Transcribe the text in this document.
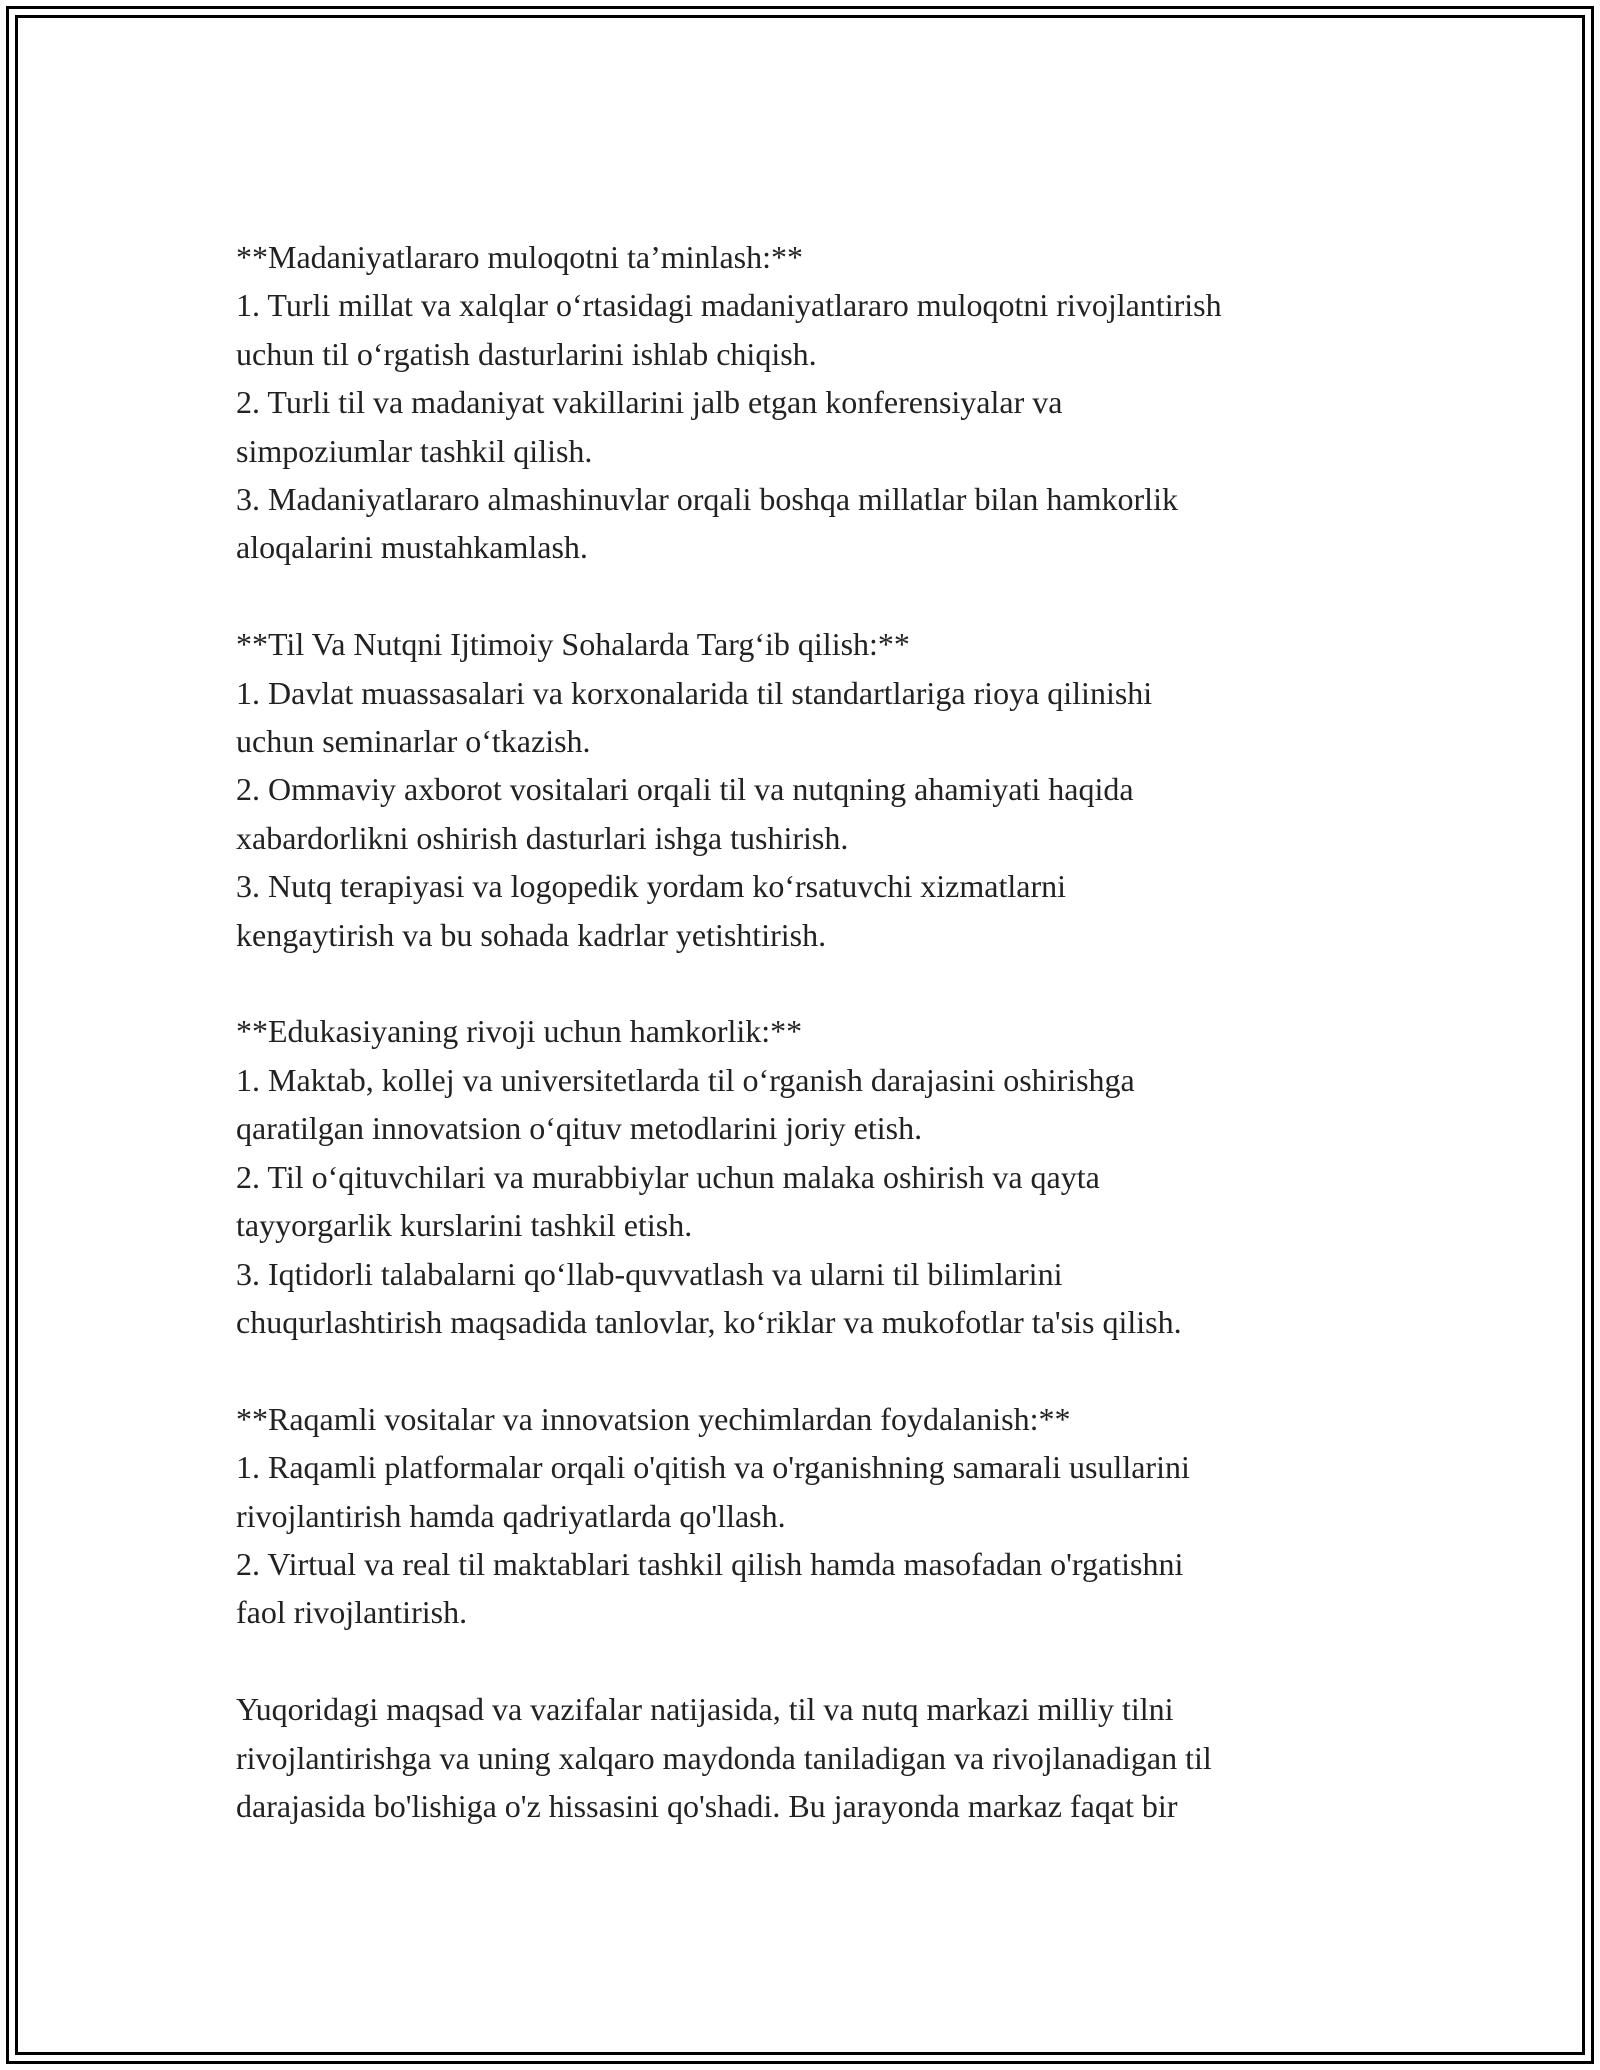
**Madaniyatlararo muloqotni ta’minlash:**
1. Turli millat va xalqlar o‘rtasidagi madaniyatlararo muloqotni rivojlantirish
uchun til o‘rgatish dasturlarini ishlab chiqish.
2. Turli til va madaniyat vakillarini jalb etgan konferensiyalar va
simpoziumlar tashkil qilish.
3. Madaniyatlararo almashinuvlar orqali boshqa millatlar bilan hamkorlik
aloqalarini mustahkamlash.
**Til Va Nutqni Ijtimoiy Sohalarda Targ‘ib qilish:**
1. Davlat muassasalari va korxonalarida til standartlariga rioya qilinishi
uchun seminarlar o‘tkazish.
2. Ommaviy axborot vositalari orqali til va nutqning ahamiyati haqida
xabardorlikni oshirish dasturlari ishga tushirish.
3. Nutq terapiyasi va logopedik yordam ko‘rsatuvchi xizmatlarni
kengaytirish va bu sohada kadrlar yetishtirish.
**Edukasiyaning rivoji uchun hamkorlik:**
1. Maktab, kollej va universitetlarda til o‘rganish darajasini oshirishga
qaratilgan innovatsion o‘qituv metodlarini joriy etish.
2. Til o‘qituvchilari va murabbiylar uchun malaka oshirish va qayta
tayyorgarlik kurslarini tashkil etish.
3. Iqtidorli talabalarni qo‘llab-quvvatlash va ularni til bilimlarini
chuqurlashtirish maqsadida tanlovlar, ko‘riklar va mukofotlar ta'sis qilish.
**Raqamli vositalar va innovatsion yechimlardan foydalanish:**
1. Raqamli platformalar orqali o'qitish va o'rganishning samarali usullarini
rivojlantirish hamda qadriyatlarda qo'llash.
2. Virtual va real til maktablari tashkil qilish hamda masofadan o'rgatishni
faol rivojlantirish.
Yuqoridagi maqsad va vazifalar natijasida, til va nutq markazi milliy tilni
rivojlantirishga va uning xalqaro maydonda taniladigan va rivojlanadigan til
darajasida bo'lishiga o'z hissasini qo'shadi. Bu jarayonda markaz faqat bir
